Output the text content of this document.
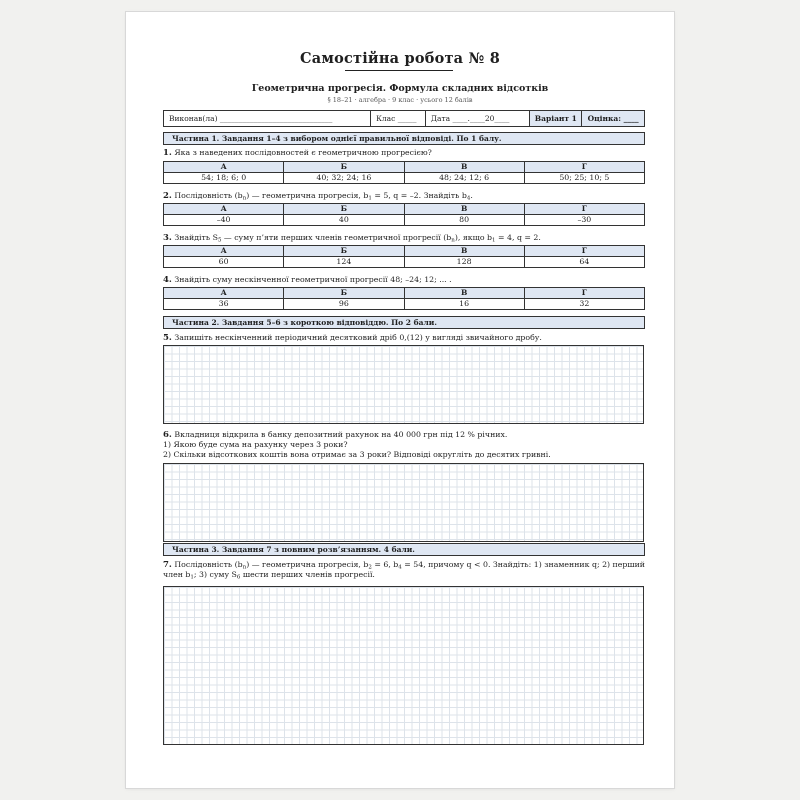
Самостійна робота № 8
Геометрична прогресія. Формула складних відсотків
§ 18–21 · алгебра · 9 клас · усього 12 балів
Виконав(ла) ______________________________	Клас _____	Дата ____.____20____	Варіант 1	Оцінка: ____
Частина 1. Завдання 1–4 з вибором однієї правильної відповіді. По 1 балу.
1. Яка з наведених послідовностей є геометричною прогресією?
А	Б	В	Г
54; 18; 6; 0	40; 32; 24; 16	48; 24; 12; 6	50; 25; 10; 5
2. Послідовність $(b_n)$ — геометрична прогресія, $b_1 = 5$, q = –2. Знайдіть $b_4$.
А	Б	В	Г
–40	40	80	–30
3. Знайдіть $S_5$ — суму п’яти перших членів геометричної прогресії $(b_n)$, якщо $b_1 = 4$, q = 2.
А	Б	В	Г
60	124	128	64
4. Знайдіть суму нескінченної геометричної прогресії 48; –24; 12; ... .
А	Б	В	Г
36	96	16	32
Частина 2. Завдання 5–6 з короткою відповіддю. По 2 бали.
5. Запишіть нескінченний періодичний десятковий дріб 0,(12) у вигляді звичайного дробу.
6. Вкладниця відкрила в банку депозитний рахунок на 40 000 грн під 12 % річних.
1) Якою буде сума на рахунку через 3 роки?
2) Скільки відсоткових коштів вона отримає за 3 роки? Відповіді округліть до десятих гривні.
Частина 3. Завдання 7 з повним розв’язанням. 4 бали.
7. Послідовність $(b_n)$ — геометрична прогресія, $b_2 = 6$, $b_4 = 54$, причому q < 0. Знайдіть: 1) знаменник q; 2) перший член $b_1$; 3) суму $S_6$ шести перших членів прогресії.
